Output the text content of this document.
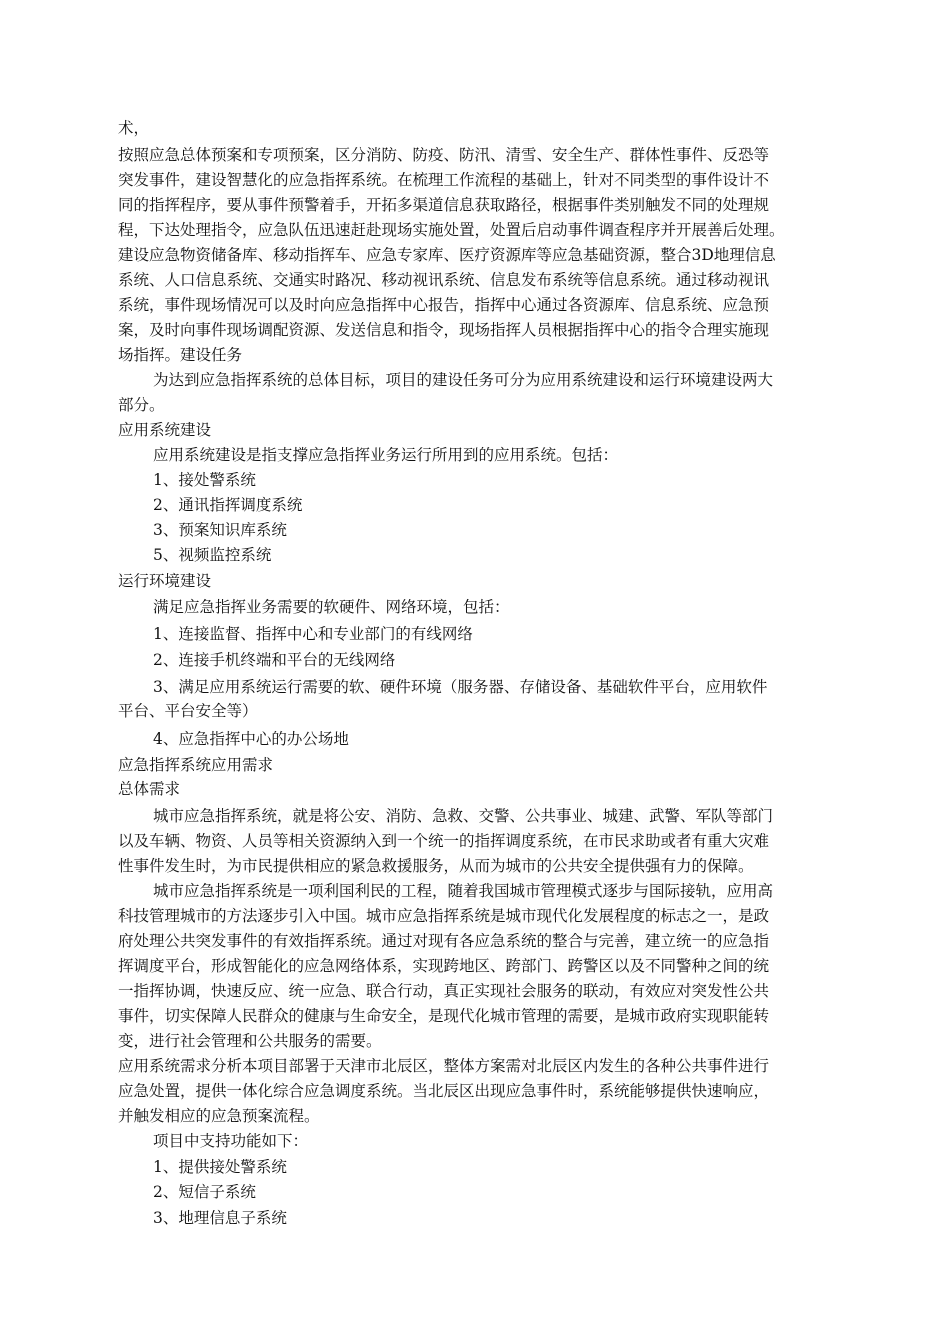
术，
按照应急总体预案和专项预案，区分消防、防疫、防汛、清雪、安全生产、群体性事件、反恐等
突发事件，建设智慧化的应急指挥系统。在梳理工作流程的基础上，针对不同类型的事件设计不
同的指挥程序，要从事件预警着手，开拓多渠道信息获取路径，根据事件类别触发不同的处理规
程，下达处理指令，应急队伍迅速赶赴现场实施处置，处置后启动事件调查程序并开展善后处理。
建设应急物资储备库、移动指挥车、应急专家库、医疗资源库等应急基础资源，整合3D地理信息
系统、人口信息系统、交通实时路况、移动视讯系统、信息发布系统等信息系统。通过移动视讯
系统，事件现场情况可以及时向应急指挥中心报告，指挥中心通过各资源库、信息系统、应急预
案，及时向事件现场调配资源、发送信息和指令，现场指挥人员根据指挥中心的指令合理实施现
场指挥。建设任务
为达到应急指挥系统的总体目标，项目的建设任务可分为应用系统建设和运行环境建设两大
部分。
应用系统建设
应用系统建设是指支撑应急指挥业务运行所用到的应用系统。包括：
1、接处警系统
2、通讯指挥调度系统
3、预案知识库系统
5、视频监控系统
运行环境建设
满足应急指挥业务需要的软硬件、网络环境，包括：
1、连接监督、指挥中心和专业部门的有线网络
2、连接手机终端和平台的无线网络
3、满足应用系统运行需要的软、硬件环境（服务器、存储设备、基础软件平台，应用软件
平台、平台安全等）
4、应急指挥中心的办公场地
应急指挥系统应用需求
总体需求
城市应急指挥系统，就是将公安、消防、急救、交警、公共事业、城建、武警、军队等部门
以及车辆、物资、人员等相关资源纳入到一个统一的指挥调度系统，在市民求助或者有重大灾难
性事件发生时，为市民提供相应的紧急救援服务，从而为城市的公共安全提供强有力的保障。
城市应急指挥系统是一项利国利民的工程，随着我国城市管理模式逐步与国际接轨，应用高
科技管理城市的方法逐步引入中国。城市应急指挥系统是城市现代化发展程度的标志之一，是政
府处理公共突发事件的有效指挥系统。通过对现有各应急系统的整合与完善，建立统一的应急指
挥调度平台，形成智能化的应急网络体系，实现跨地区、跨部门、跨警区以及不同警种之间的统
一指挥协调，快速反应、统一应急、联合行动，真正实现社会服务的联动，有效应对突发性公共
事件，切实保障人民群众的健康与生命安全，是现代化城市管理的需要，是城市政府实现职能转
变，进行社会管理和公共服务的需要。
应用系统需求分析本项目部署于天津市北辰区，整体方案需对北辰区内发生的各种公共事件进行
应急处置，提供一体化综合应急调度系统。当北辰区出现应急事件时，系统能够提供快速响应，
并触发相应的应急预案流程。
项目中支持功能如下：
1、提供接处警系统
2、短信子系统
3、地理信息子系统
